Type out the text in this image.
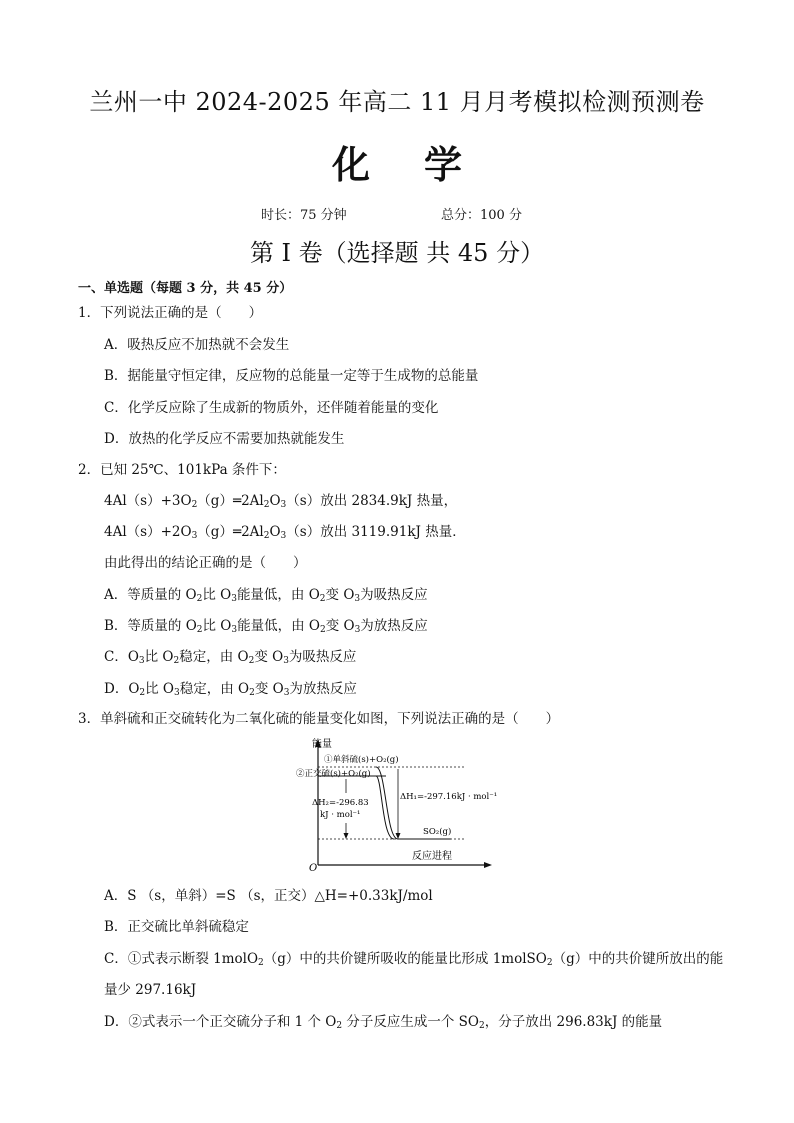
兰州一中 2024-2025 年高二 11 月月考模拟检测预测卷
化 学
时长：75 分钟	总分：100 分
第 I 卷（选择题 共 45 分）
一、单选题（每题 3 分，共 45 分）
1．下列说法正确的是（　　）
A．吸热反应不加热就不会发生
B．据能量守恒定律，反应物的总能量一定等于生成物的总能量
C．化学反应除了生成新的物质外，还伴随着能量的变化
D．放热的化学反应不需要加热就能发生
2．已知 25℃、101kPa 条件下：
$4Al(s)+3O_2(g)═2Al_2O_3(s)$放出 2834.9kJ 热量，
$4Al(s)+2O_3(g)═2Al_2O_3(s)$放出 3119.91kJ 热量．
由此得出的结论正确的是（　　）
A．等质量的 $O_2$比 $O_3$能量低，由 $O_2$变 $O_3$为吸热反应
B．等质量的 $O_2$比 $O_3$能量低，由 $O_2$变 $O_3$为放热反应
C．$O_3$比 $O_2$稳定，由 $O_2$变 $O_3$为吸热反应
D．$O_2$比 $O_3$稳定，由 $O_2$变 $O_3$为放热反应
3．单斜硫和正交硫转化为二氧化硫的能量变化如图，下列说法正确的是（　　）
能量
O
反应进程
①单斜硫(s)+O₂(g)
②正交硫(s)+O₂(g)
SO₂(g)
ΔH₂=-296.83
kJ · mol⁻¹
ΔH₁=-297.16kJ · mol⁻¹
A．S （s，单斜）=S （s，正交）△H=+0.33kJ/mol
B．正交硫比单斜硫稳定
C．①式表示断裂 1molO$_2$（g）中的共价键所吸收的能量比形成 1molSO$_2$（g）中的共价键所放出的能
量少 297.16kJ
D．②式表示一个正交硫分子和 1 个 $O_2$ 分子反应生成一个 $SO_2$，分子放出 296.83kJ 的能量
